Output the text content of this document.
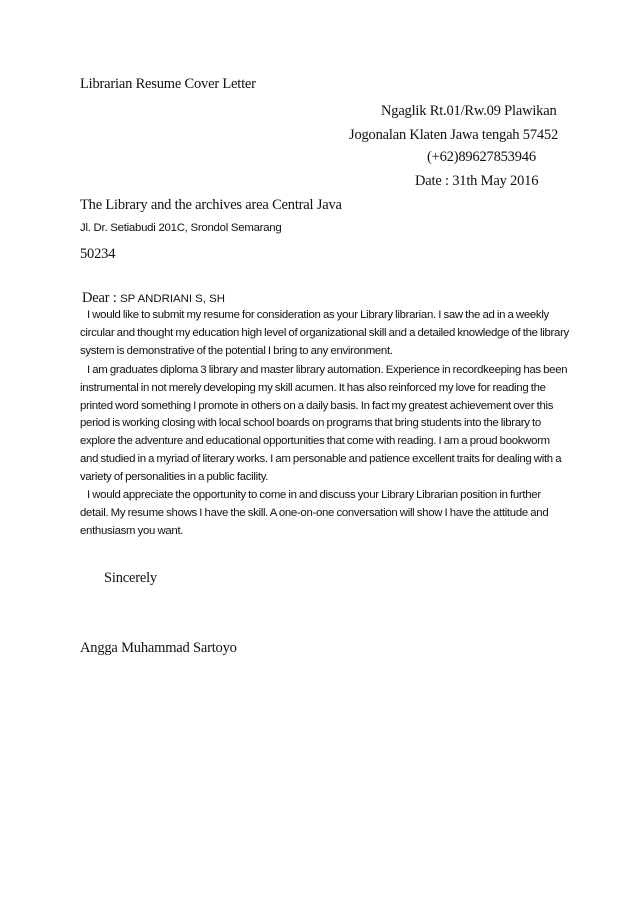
Librarian Resume Cover Letter
Ngaglik Rt.01/Rw.09 Plawikan
Jogonalan Klaten Jawa tengah 57452
(+62)89627853946
Date : 31th May 2016
The Library and the archives area Central Java
Jl. Dr. Setiabudi 201C, Srondol Semarang
50234
Dear : SP ANDRIANI S, SH

I would like to submit my resume for consideration as your Library librarian. I saw the ad in a weekly circular and thought my education high level of organizational skill and a detailed knowledge of the library system is demonstrative of the potential I bring to any environment.

I am graduates diploma 3 library and master library automation. Experience in recordkeeping has been instrumental in not merely developing my skill acumen. It has also reinforced my love for reading the printed word something I promote in others on a daily basis. In fact my greatest achievement over this period is working closing with local school boards on programs that bring students into the library to explore the adventure and educational opportunities that come with reading. I am a proud bookworm and studied in a myriad of literary works. I am personable and patience excellent traits for dealing with a variety of personalities in a public facility.

I would appreciate the opportunity to come in and discuss your Library Librarian position in further detail. My resume shows I have the skill. A one-on-one conversation will show I have the attitude and enthusiasm you want.

Sincerely
Angga Muhammad Sartoyo
